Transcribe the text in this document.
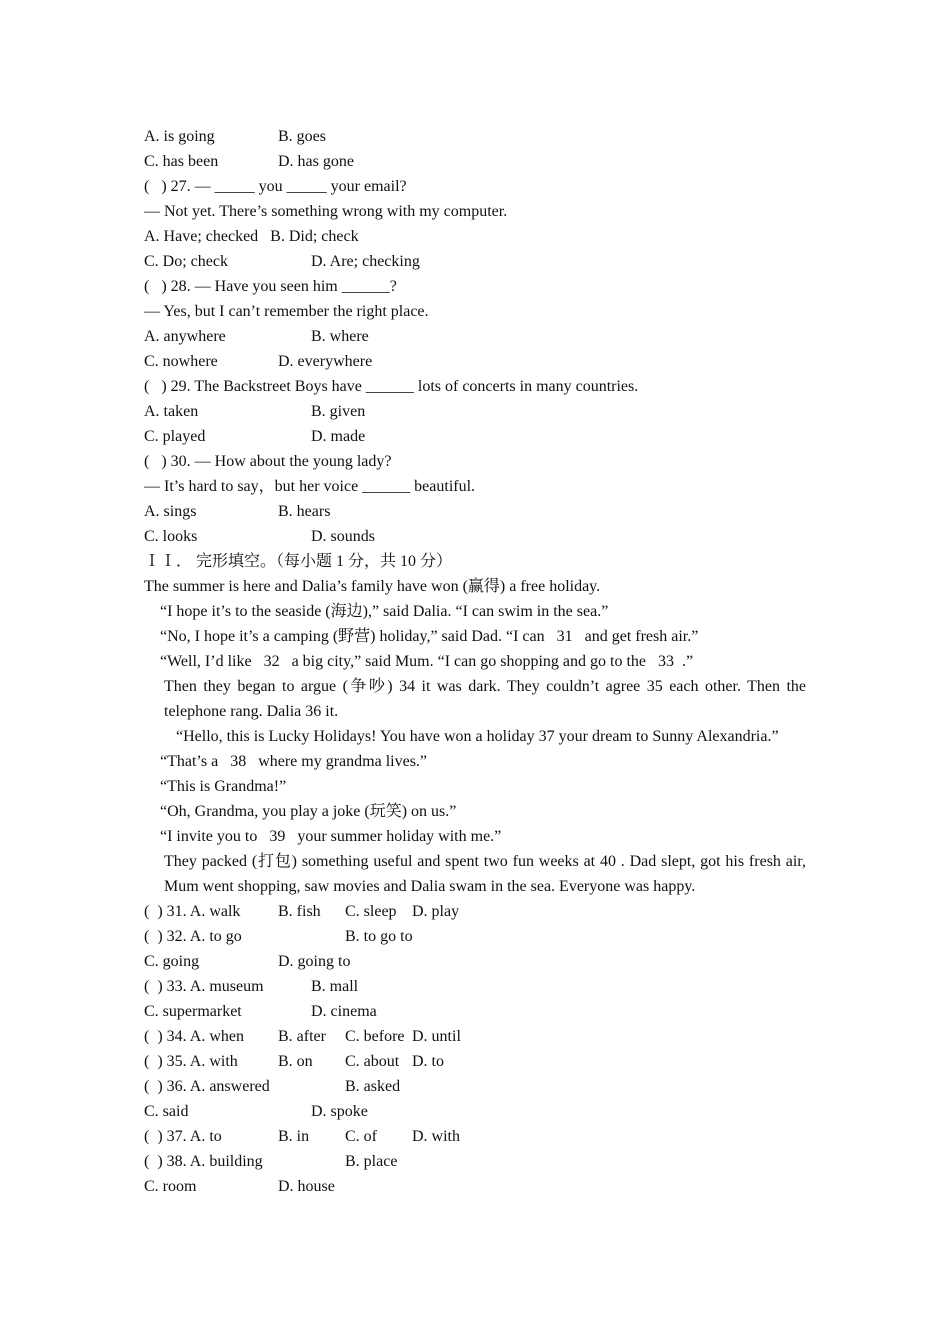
A. is going	B. goes
C. has been	D. has gone
(   ) 27. — _____ you _____ your email?
— Not yet. There’s something wrong with my computer.
A. Have; checked   B. Did; check
C. Do; check	D. Are; checking
(   ) 28. — Have you seen him ______?
— Yes, but I can’t remember the right place.
A. anywhere	B. where
C. nowhere	D. everywhere
(   ) 29. The Backstreet Boys have ______ lots of concerts in many countries.
A. taken	B. given
C. played	D. made
(   ) 30. — How about the young lady?
— It’s hard to say，but her voice ______ beautiful.
A. sings	B. hears
C. looks	D. sounds
ＩＩ． 完形填空。（每小题 1 分，共 10 分）
The summer is here and Dalia’s family have won (赢得) a free holiday.
“I hope it’s to the seaside (海边),” said Dalia. “I can swim in the sea.”
“No, I hope it’s a camping (野营) holiday,” said Dad. “I can   31   and get fresh air.”
“Well, I’d like   32   a big city,” said Mum. “I can go shopping and go to the   33  .”
Then they began to argue (争吵) 34 it was dark. They couldn’t agree 35 each other. Then the telephone rang. Dalia 36 it.
“Hello, this is Lucky Holidays! You have won a holiday 37 your dream to Sunny Alexandria.”
“That’s a   38   where my grandma lives.”
“This is Grandma!”
“Oh, Grandma, you play a joke (玩笑) on us.”
“I invite you to   39   your summer holiday with me.”
They packed (打包) something useful and spent two fun weeks at 40 . Dad slept, got his fresh air, Mum went shopping, saw movies and Dalia swam in the sea. Everyone was happy.
(  ) 31. A. walk B. fish C. sleep D. play
(  ) 32. A. to go	B. to go to
C. going	D. going to
(  ) 33. A. museum	B. mall
C. supermarket	D. cinema
(  ) 34. A. when B. after C. before D. until
(  ) 35. A. with	B. on C. about D. to
(  ) 36. A. answered	B. asked
C. said	D. spoke
(  ) 37. A. to	B. in C. of D. with
(  ) 38. A. building	B. place
C. room	D. house
